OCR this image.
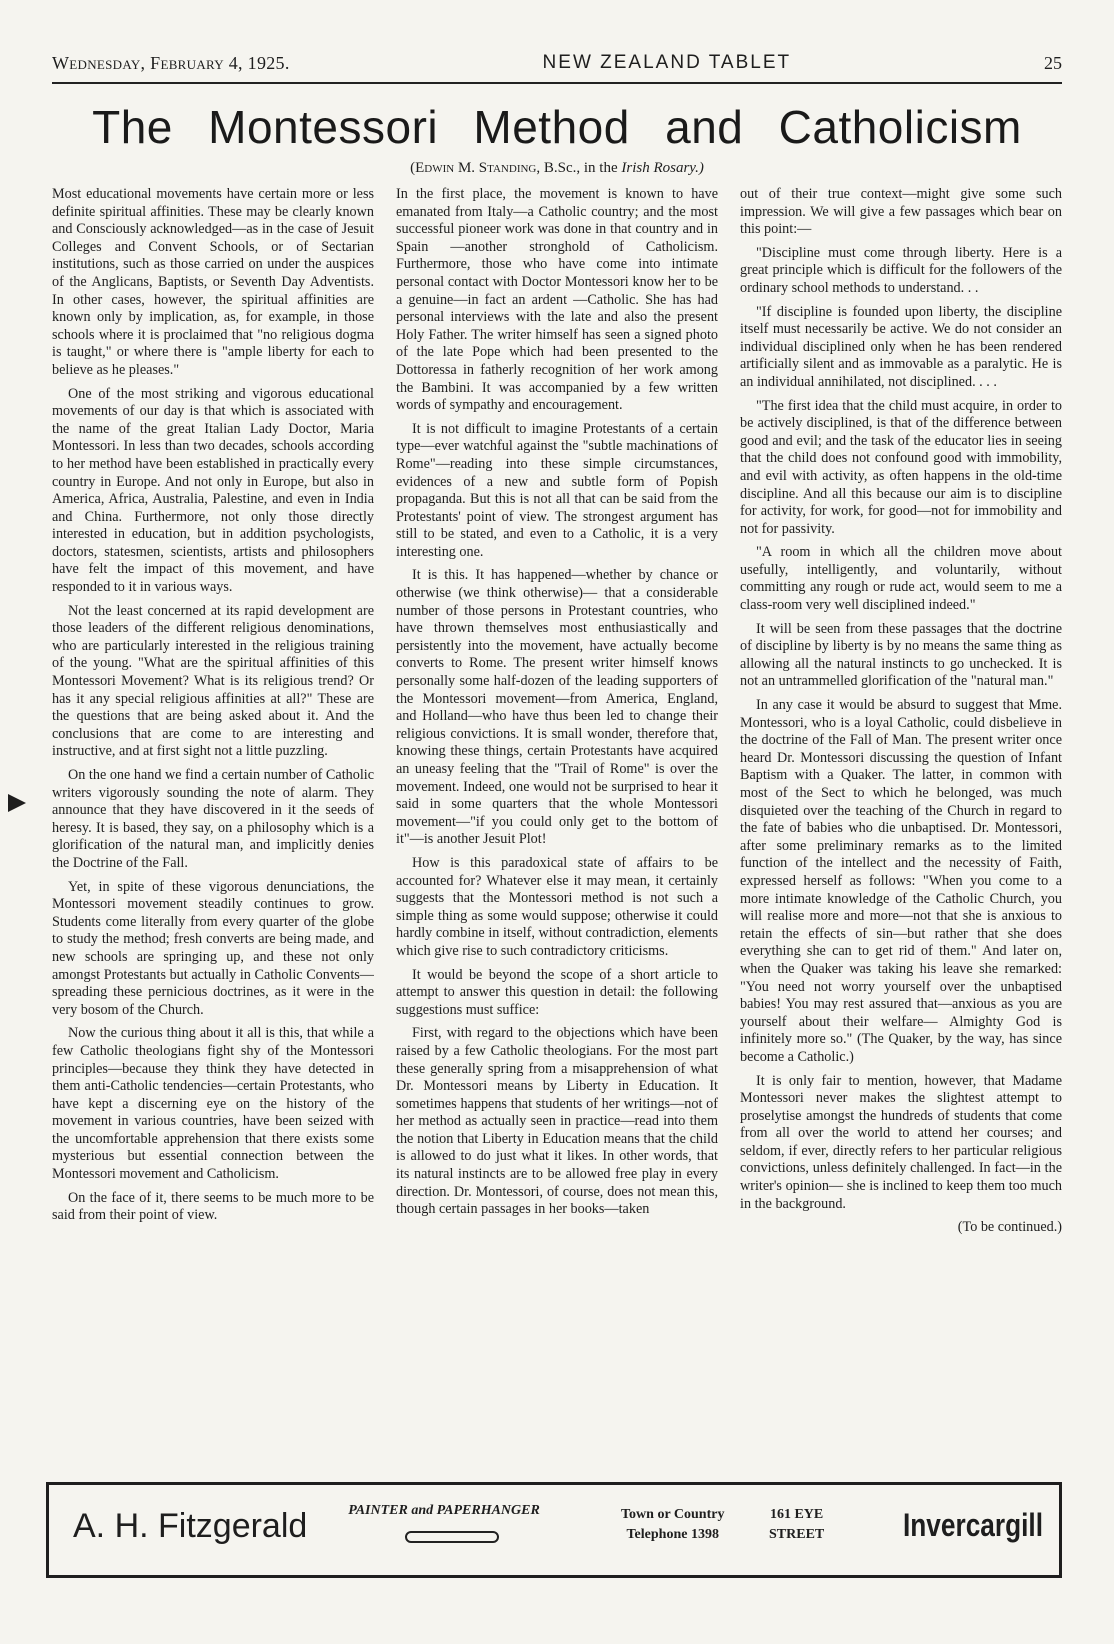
Wednesday, February 4, 1925.	NEW ZEALAND TABLET	25
The Montessori Method and Catholicism
(Edwin M. Standing, B.Sc., in the Irish Rosary.)

Most educational movements have certain more or less definite spiritual affinities. These may be clearly known and Consciously acknowledged—as in the case of Jesuit Colleges and Convent Schools, or of Sectarian institutions, such as those carried on under the auspices of the Anglicans, Baptists, or Seventh Day Adventists. In other cases, however, the spiritual affinities are known only by implication, as, for example, in those schools where it is proclaimed that "no religious dogma is taught," or where there is "ample liberty for each to believe as he pleases."

One of the most striking and vigorous educational movements of our day is that which is associated with the name of the great Italian Lady Doctor, Maria Montessori. In less than two decades, schools according to her method have been established in practically every country in Europe. And not only in Europe, but also in America, Africa, Australia, Palestine, and even in India and China. Furthermore, not only those directly interested in education, but in addition psychologists, doctors, statesmen, scientists, artists and philosophers have felt the impact of this movement, and have responded to it in various ways.

Not the least concerned at its rapid development are those leaders of the different religious denominations, who are particularly interested in the religious training of the young. "What are the spiritual affinities of this Montessori Movement? What is its religious trend? Or has it any special religious affinities at all?" These are the questions that are being asked about it. And the conclusions that are come to are interesting and instructive, and at first sight not a little puzzling.

On the one hand we find a certain number of Catholic writers vigorously sounding the note of alarm. They announce that they have discovered in it the seeds of heresy. It is based, they say, on a philosophy which is a glorification of the natural man, and implicitly denies the Doctrine of the Fall.

Yet, in spite of these vigorous denunciations, the Montessori movement steadily continues to grow. Students come literally from every quarter of the globe to study the method; fresh converts are being made, and new schools are springing up, and these not only amongst Protestants but actually in Catholic Convents—spreading these pernicious doctrines, as it were in the very bosom of the Church.

Now the curious thing about it all is this, that while a few Catholic theologians fight shy of the Montessori principles—because they think they have detected in them anti-Catholic tendencies—certain Protestants, who have kept a discerning eye on the history of the movement in various countries, have been seized with the uncomfortable apprehension that there exists some mysterious but essential connection between the Montessori movement and Catholicism.

On the face of it, there seems to be much more to be said from their point of view.

In the first place, the movement is known to have emanated from Italy—a Catholic country; and the most successful pioneer work was done in that country and in Spain —another stronghold of Catholicism. Furthermore, those who have come into intimate personal contact with Doctor Montessori know her to be a genuine—in fact an ardent —Catholic. She has had personal interviews with the late and also the present Holy Father. The writer himself has seen a signed photo of the late Pope which had been presented to the Dottoressa in fatherly recognition of her work among the Bambini. It was accompanied by a few written words of sympathy and encouragement.

It is not difficult to imagine Protestants of a certain type—ever watchful against the "subtle machinations of Rome"—reading into these simple circumstances, evidences of a new and subtle form of Popish propaganda. But this is not all that can be said from the Protestants' point of view. The strongest argument has still to be stated, and even to a Catholic, it is a very interesting one.

It is this. It has happened—whether by chance or otherwise (we think otherwise)— that a considerable number of those persons in Protestant countries, who have thrown themselves most enthusiastically and persistently into the movement, have actually become converts to Rome. The present writer himself knows personally some half-dozen of the leading supporters of the Montessori movement—from America, England, and Holland—who have thus been led to change their religious convictions. It is small wonder, therefore that, knowing these things, certain Protestants have acquired an uneasy feeling that the "Trail of Rome" is over the movement. Indeed, one would not be surprised to hear it said in some quarters that the whole Montessori movement—"if you could only get to the bottom of it"—is another Jesuit Plot!

How is this paradoxical state of affairs to be accounted for? Whatever else it may mean, it certainly suggests that the Montessori method is not such a simple thing as some would suppose; otherwise it could hardly combine in itself, without contradiction, elements which give rise to such contradictory criticisms.

It would be beyond the scope of a short article to attempt to answer this question in detail: the following suggestions must suffice:

First, with regard to the objections which have been raised by a few Catholic theologians. For the most part these generally spring from a misapprehension of what Dr. Montessori means by Liberty in Education. It sometimes happens that students of her writings—not of her method as actually seen in practice—read into them the notion that Liberty in Education means that the child is allowed to do just what it likes. In other words, that its natural instincts are to be allowed free play in every direction. Dr. Montessori, of course, does not mean this, though certain passages in her books—taken

out of their true context—might give some such impression. We will give a few passages which bear on this point:—

"Discipline must come through liberty. Here is a great principle which is difficult for the followers of the ordinary school methods to understand. . .

"If discipline is founded upon liberty, the discipline itself must necessarily be active. We do not consider an individual disciplined only when he has been rendered artificially silent and as immovable as a paralytic. He is an individual annihilated, not disciplined. . . .

"The first idea that the child must acquire, in order to be actively disciplined, is that of the difference between good and evil; and the task of the educator lies in seeing that the child does not confound good with immobility, and evil with activity, as often happens in the old-time discipline. And all this because our aim is to discipline for activity, for work, for good—not for immobility and not for passivity.

"A room in which all the children move about usefully, intelligently, and voluntarily, without committing any rough or rude act, would seem to me a class-room very well disciplined indeed."

It will be seen from these passages that the doctrine of discipline by liberty is by no means the same thing as allowing all the natural instincts to go unchecked. It is not an untrammelled glorification of the "natural man."

In any case it would be absurd to suggest that Mme. Montessori, who is a loyal Catholic, could disbelieve in the doctrine of the Fall of Man. The present writer once heard Dr. Montessori discussing the question of Infant Baptism with a Quaker. The latter, in common with most of the Sect to which he belonged, was much disquieted over the teaching of the Church in regard to the fate of babies who die unbaptised. Dr. Montessori, after some preliminary remarks as to the limited function of the intellect and the necessity of Faith, expressed herself as follows: "When you come to a more intimate knowledge of the Catholic Church, you will realise more and more—not that she is anxious to retain the effects of sin—but rather that she does everything she can to get rid of them." And later on, when the Quaker was taking his leave she remarked: "You need not worry yourself over the unbaptised babies! You may rest assured that—anxious as you are yourself about their welfare— Almighty God is infinitely more so." (The Quaker, by the way, has since become a Catholic.)

It is only fair to mention, however, that Madame Montessori never makes the slightest attempt to proselytise amongst the hundreds of students that come from all over the world to attend her courses; and seldom, if ever, directly refers to her particular religious convictions, unless definitely challenged. In fact—in the writer's opinion— she is inclined to keep them too much in the background.

(To be continued.)

A. H. Fitzgerald	PAINTER and PAPERHANGER	Town or Country
Telephone 1398
161 EYE
STREET	Invercargill
